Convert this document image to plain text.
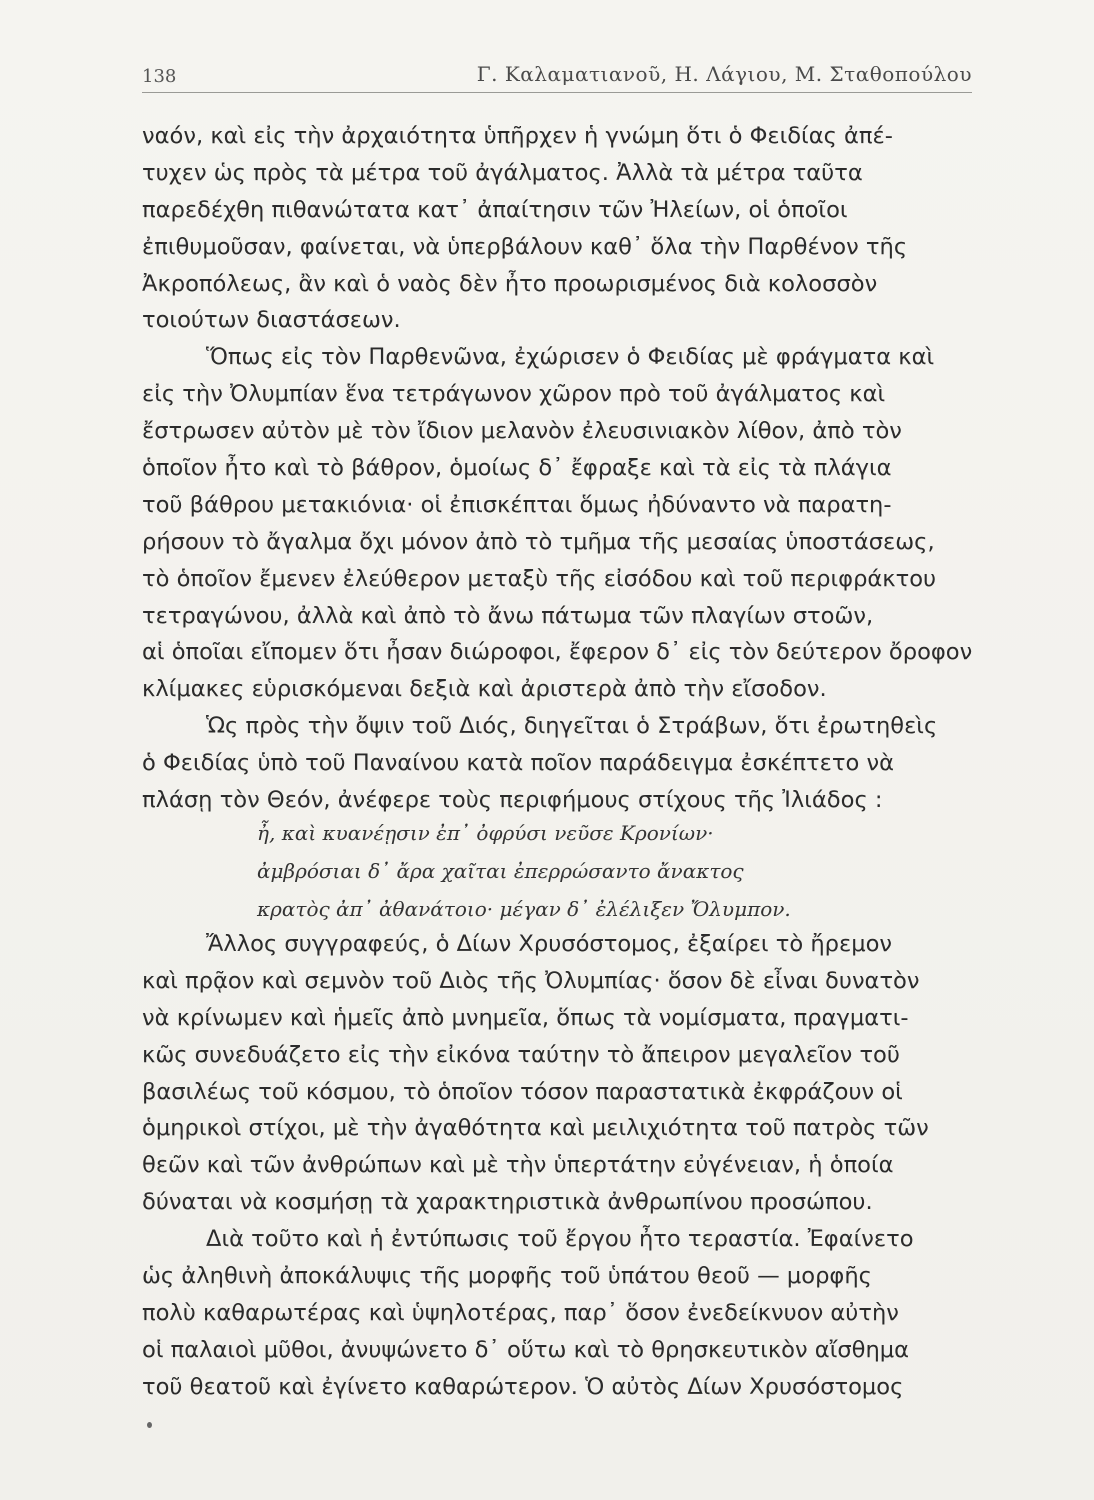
138	Γ. Καλαματιανοῦ, Η. Λάγιου, Μ. Σταθοπούλου
ναόν, καὶ εἰς τὴν ἀρχαιότητα ὑπῆρχεν ἡ γνώμη ὅτι ὁ Φειδίας ἀπέ-
τυχεν ὡς πρὸς τὰ μέτρα τοῦ ἀγάλματος. Ἀλλὰ τὰ μέτρα ταῦτα
παρεδέχθη πιθανώτατα κατ᾽ ἀπαίτησιν τῶν Ἠλείων, οἱ ὁποῖοι
ἐπιθυμοῦσαν, φαίνεται, νὰ ὑπερβάλουν καθ᾽ ὅλα τὴν Παρθένον τῆς
Ἀκροπόλεως, ἂν καὶ ὁ ναὸς δὲν ἦτο προωρισμένος διὰ κολοσσὸν
τοιούτων διαστάσεων.
Ὅπως εἰς τὸν Παρθενῶνα, ἐχώρισεν ὁ Φειδίας μὲ φράγματα καὶ
εἰς τὴν Ὀλυμπίαν ἕνα τετράγωνον χῶρον πρὸ τοῦ ἀγάλματος καὶ
ἔστρωσεν αὐτὸν μὲ τὸν ἴδιον μελανὸν ἐλευσινιακὸν λίθον, ἀπὸ τὸν
ὁποῖον ἦτο καὶ τὸ βάθρον, ὁμοίως δ᾽ ἔφραξε καὶ τὰ εἰς τὰ πλάγια
τοῦ βάθρου μετακιόνια· οἱ ἐπισκέπται ὅμως ἠδύναντο νὰ παρατη-
ρήσουν τὸ ἄγαλμα ὄχι μόνον ἀπὸ τὸ τμῆμα τῆς μεσαίας ὑποστάσεως,
τὸ ὁποῖον ἔμενεν ἐλεύθερον μεταξὺ τῆς εἰσόδου καὶ τοῦ περιφράκτου
τετραγώνου, ἀλλὰ καὶ ἀπὸ τὸ ἄνω πάτωμα τῶν πλαγίων στοῶν,
αἱ ὁποῖαι εἴπομεν ὅτι ἦσαν διώροφοι, ἔφερον δ᾽ εἰς τὸν δεύτερον ὄροφον
κλίμακες εὑρισκόμεναι δεξιὰ καὶ ἀριστερὰ ἀπὸ τὴν εἴσοδον.
Ὡς πρὸς τὴν ὄψιν τοῦ Διός, διηγεῖται ὁ Στράβων, ὅτι ἐρωτηθεὶς
ὁ Φειδίας ὑπὸ τοῦ Παναίνου κατὰ ποῖον παράδειγμα ἐσκέπτετο νὰ
πλάσῃ τὸν Θεόν, ἀνέφερε τοὺς περιφήμους στίχους τῆς Ἰλιάδος :
ἦ, καὶ κυανέῃσιν ἐπ᾽ ὀφρύσι νεῦσε Κρονίων·
ἀμβρόσιαι δ᾽ ἄρα χαῖται ἐπερρώσαντο ἄνακτος
κρατὸς ἀπ᾽ ἀθανάτοιο· μέγαν δ᾽ ἐλέλιξεν Ὄλυμπον.
Ἄλλος συγγραφεύς, ὁ Δίων Χρυσόστομος, ἐξαίρει τὸ ἤρεμον
καὶ πρᾷον καὶ σεμνὸν τοῦ Διὸς τῆς Ὀλυμπίας· ὅσον δὲ εἶναι δυνατὸν
νὰ κρίνωμεν καὶ ἡμεῖς ἀπὸ μνημεῖα, ὅπως τὰ νομίσματα, πραγματι-
κῶς συνεδυάζετο εἰς τὴν εἰκόνα ταύτην τὸ ἄπειρον μεγαλεῖον τοῦ
βασιλέως τοῦ κόσμου, τὸ ὁποῖον τόσον παραστατικὰ ἐκφράζουν οἱ
ὁμηρικοὶ στίχοι, μὲ τὴν ἀγαθότητα καὶ μειλιχιότητα τοῦ πατρὸς τῶν
θεῶν καὶ τῶν ἀνθρώπων καὶ μὲ τὴν ὑπερτάτην εὐγένειαν, ἡ ὁποία
δύναται νὰ κοσμήσῃ τὰ χαρακτηριστικὰ ἀνθρωπίνου προσώπου.
Διὰ τοῦτο καὶ ἡ ἐντύπωσις τοῦ ἔργου ἦτο τεραστία. Ἐφαίνετο
ὡς ἀληθινὴ ἀποκάλυψις τῆς μορφῆς τοῦ ὑπάτου θεοῦ — μορφῆς
πολὺ καθαρωτέρας καὶ ὑψηλοτέρας, παρ᾽ ὅσον ἐνεδείκνυον αὐτὴν
οἱ παλαιοὶ μῦθοι, ἀνυψώνετο δ᾽ οὕτω καὶ τὸ θρησκευτικὸν αἴσθημα
τοῦ θεατοῦ καὶ ἐγίνετο καθαρώτερον. Ὁ αὐτὸς Δίων Χρυσόστομος
